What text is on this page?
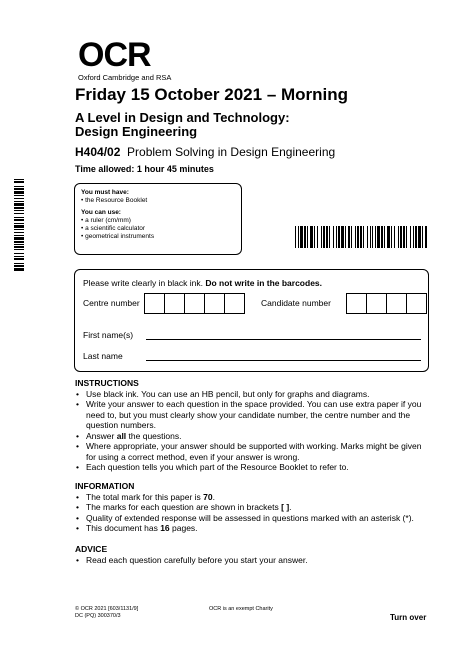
OCR
Oxford Cambridge and RSA
Friday 15 October 2021 – Morning
A Level in Design and Technology:
Design Engineering
H404/02 Problem Solving in Design Engineering
Time allowed: 1 hour 45 minutes
You must have:
• the Resource Booklet
You can use:
• a ruler (cm/mm)
• a scientific calculator
• geometrical instruments
Please write clearly in black ink. Do not write in the barcodes.
Centre number	Candidate number
First name(s)
Last name
INSTRUCTIONS
• Use black ink. You can use an HB pencil, but only for graphs and diagrams.
• Write your answer to each question in the space provided. You can use extra paper if you need to, but you must clearly show your candidate number, the centre number and the question numbers.
• Answer all the questions.
• Where appropriate, your answer should be supported with working. Marks might be given for using a correct method, even if your answer is wrong.
• Each question tells you which part of the Resource Booklet to refer to.
INFORMATION
• The total mark for this paper is 70.
• The marks for each question are shown in brackets [ ].
• Quality of extended response will be assessed in questions marked with an asterisk (*).
• This document has 16 pages.
ADVICE
• Read each question carefully before you start your answer.
© OCR 2021 [603/1131/9]
DC (PQ) 300370/3
OCR is an exempt Charity
Turn over
